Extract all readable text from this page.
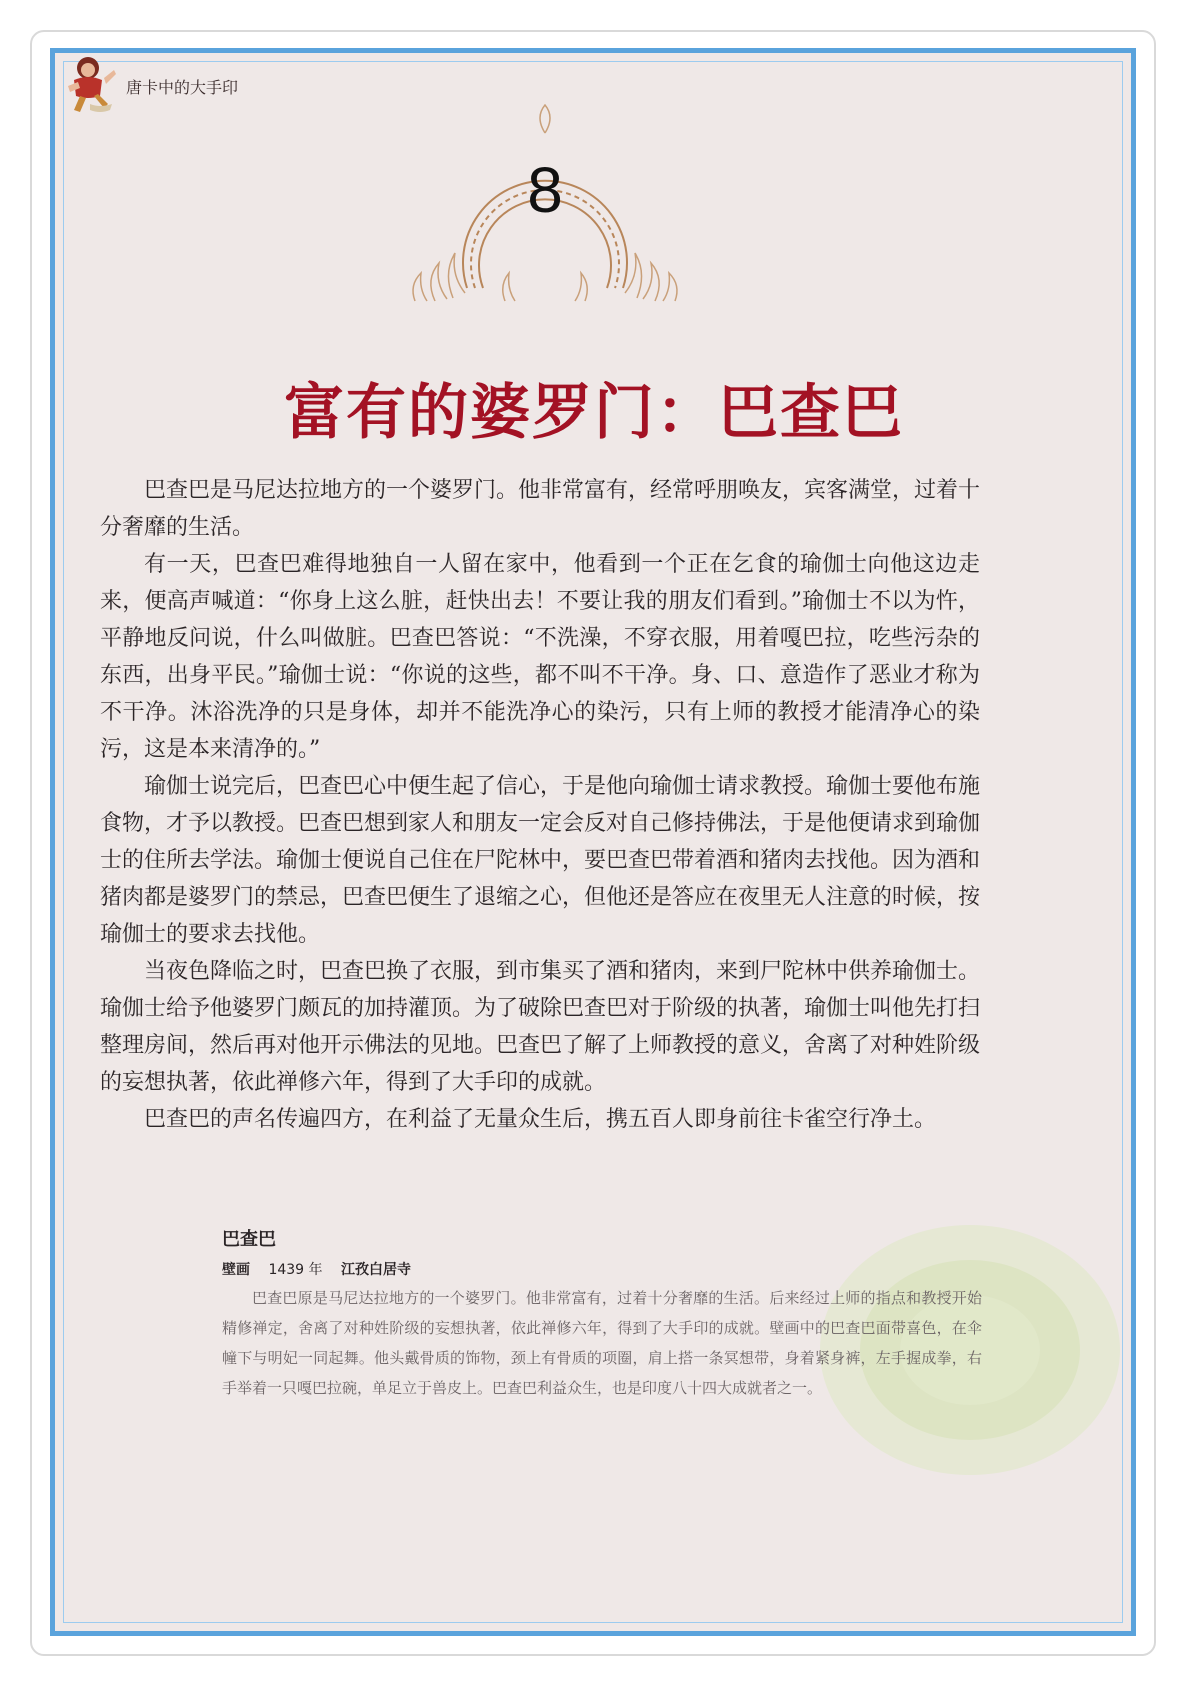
唐卡中的大手印
8
富有的婆罗门：巴查巴

巴查巴是马尼达拉地方的一个婆罗门。他非常富有，经常呼朋唤友，宾客满堂，过着十分奢靡的生活。

有一天，巴查巴难得地独自一人留在家中，他看到一个正在乞食的瑜伽士向他这边走来，便高声喊道：“你身上这么脏，赶快出去！不要让我的朋友们看到。”瑜伽士不以为忤，平静地反问说，什么叫做脏。巴查巴答说：“不洗澡，不穿衣服，用着嘎巴拉，吃些污杂的东西，出身平民。”瑜伽士说：“你说的这些，都不叫不干净。身、口、意造作了恶业才称为不干净。沐浴洗净的只是身体，却并不能洗净心的染污，只有上师的教授才能清净心的染污，这是本来清净的。”

瑜伽士说完后，巴查巴心中便生起了信心，于是他向瑜伽士请求教授。瑜伽士要他布施食物，才予以教授。巴查巴想到家人和朋友一定会反对自己修持佛法，于是他便请求到瑜伽士的住所去学法。瑜伽士便说自己住在尸陀林中，要巴查巴带着酒和猪肉去找他。因为酒和猪肉都是婆罗门的禁忌，巴查巴便生了退缩之心，但他还是答应在夜里无人注意的时候，按瑜伽士的要求去找他。

当夜色降临之时，巴查巴换了衣服，到市集买了酒和猪肉，来到尸陀林中供养瑜伽士。瑜伽士给予他婆罗门颇瓦的加持灌顶。为了破除巴查巴对于阶级的执著，瑜伽士叫他先打扫整理房间，然后再对他开示佛法的见地。巴查巴了解了上师教授的意义，舍离了对种姓阶级的妄想执著，依此禅修六年，得到了大手印的成就。

巴查巴的声名传遍四方，在利益了无量众生后，携五百人即身前往卡雀空行净土。

巴查巴
壁画 1439 年 江孜白居寺

巴查巴原是马尼达拉地方的一个婆罗门。他非常富有，过着十分奢靡的生活。后来经过上师的指点和教授开始精修禅定，舍离了对种姓阶级的妄想执著，依此禅修六年，得到了大手印的成就。壁画中的巴查巴面带喜色，在伞幢下与明妃一同起舞。他头戴骨质的饰物，颈上有骨质的项圈，肩上搭一条冥想带，身着紧身裤，左手握成拳，右手举着一只嘎巴拉碗，单足立于兽皮上。巴查巴利益众生，也是印度八十四大成就者之一。
